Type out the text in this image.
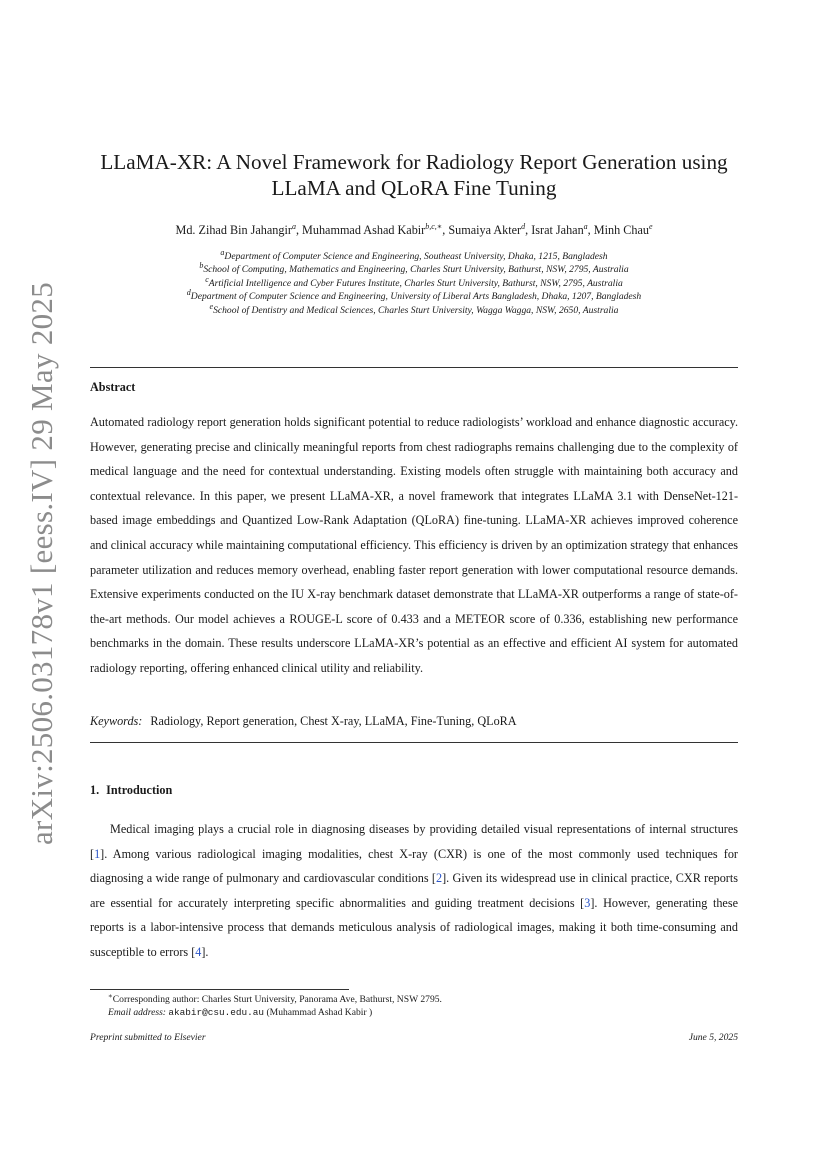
arXiv:2506.03178v1 [eess.IV] 29 May 2025
LLaMA-XR: A Novel Framework for Radiology Report Generation using
LLaMA and QLoRA Fine Tuning
Md. Zihad Bin Jahangir$^a$, Muhammad Ashad Kabir$^{b,c,∗}$, Sumaiya Akter$^d$, Israt Jahan$^a$, Minh Chau$^e$
$^a$Department of Computer Science and Engineering, Southeast University, Dhaka, 1215, Bangladesh
$^b$School of Computing, Mathematics and Engineering, Charles Sturt University, Bathurst, NSW, 2795, Australia
$^c$Artificial Intelligence and Cyber Futures Institute, Charles Sturt University, Bathurst, NSW, 2795, Australia
$^d$Department of Computer Science and Engineering, University of Liberal Arts Bangladesh, Dhaka, 1207, Bangladesh
$^e$School of Dentistry and Medical Sciences, Charles Sturt University, Wagga Wagga, NSW, 2650, Australia
Abstract
Automated radiology report generation holds significant potential to reduce radiologists’ workload and enhance diagnostic accuracy. However, generating precise and clinically meaningful reports from chest radiographs remains challenging due to the complexity of medical language and the need for contextual understanding. Existing models often struggle with maintaining both accuracy and contextual relevance. In this paper, we present LLaMA-XR, a novel framework that integrates LLaMA 3.1 with DenseNet-121-based image embeddings and Quantized Low-Rank Adaptation (QLoRA) fine-tuning. LLaMA-XR achieves improved coherence and clinical accuracy while maintaining computational efficiency. This efficiency is driven by an optimization strategy that enhances parameter utilization and reduces memory overhead, enabling faster report generation with lower computational resource demands. Extensive experiments conducted on the IU X-ray benchmark dataset demonstrate that LLaMA-XR outperforms a range of state-of-the-art methods. Our model achieves a ROUGE-L score of 0.433 and a METEOR score of 0.336, establishing new performance benchmarks in the domain. These results underscore LLaMA-XR’s potential as an effective and efficient AI system for automated radiology reporting, offering enhanced clinical utility and reliability.
Keywords: Radiology, Report generation, Chest X-ray, LLaMA, Fine-Tuning, QLoRA
1. Introduction
Medical imaging plays a crucial role in diagnosing diseases by providing detailed visual representations of internal structures [1]. Among various radiological imaging modalities, chest X-ray (CXR) is one of the most commonly used techniques for diagnosing a wide range of pulmonary and cardiovascular conditions [2]. Given its widespread use in clinical practice, CXR reports are essential for accurately interpreting specific abnormalities and guiding treatment decisions [3]. However, generating these reports is a labor-intensive process that demands meticulous analysis of radiological images, making it both time-consuming and susceptible to errors [4].
∗Corresponding author: Charles Sturt University, Panorama Ave, Bathurst, NSW 2795.
Email address: akabir@csu.edu.au (Muhammad Ashad Kabir )
Preprint submitted to Elsevier	June 5, 2025
